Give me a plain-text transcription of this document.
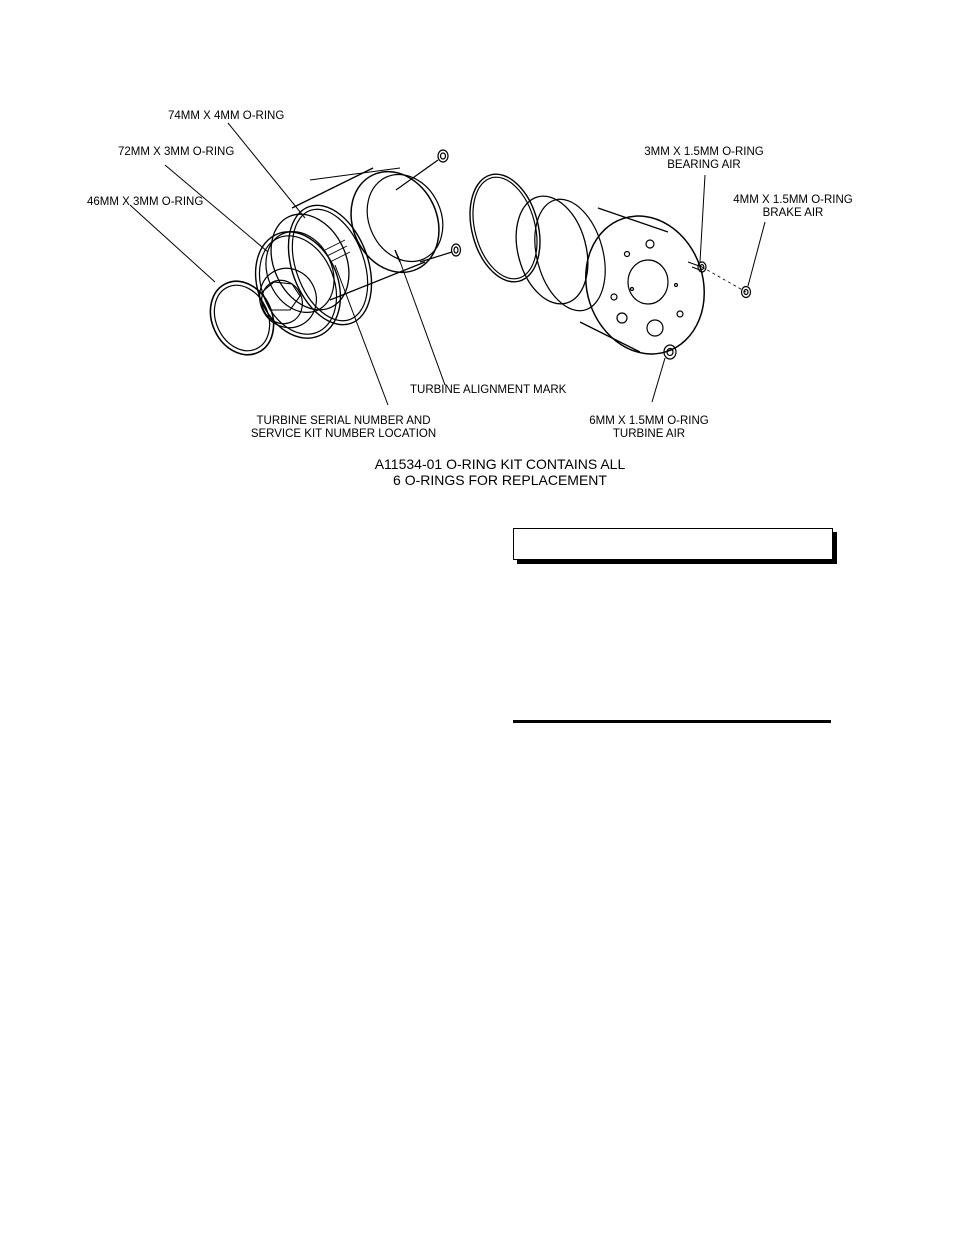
74MM X 4MM O-RING
72MM X 3MM O-RING
46MM X 3MM O-RING
3MM X 1.5MM O-RING
BEARING AIR
4MM X 1.5MM O-RING
BRAKE AIR
TURBINE ALIGNMENT MARK
TURBINE SERIAL NUMBER AND
SERVICE KIT NUMBER LOCATION
6MM X 1.5MM O-RING
TURBINE AIR
A11534-01 O-RING KIT CONTAINS ALL
6 O-RINGS FOR REPLACEMENT
